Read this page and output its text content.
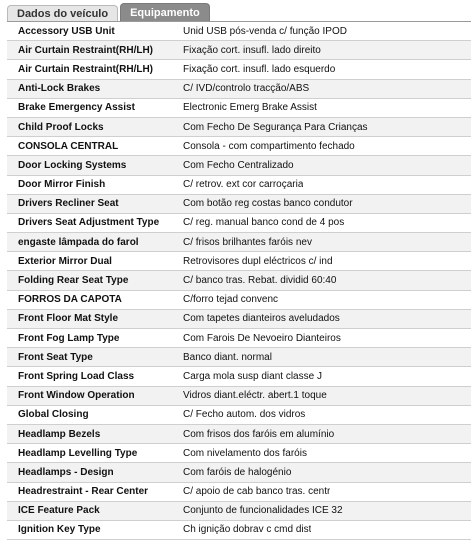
Dados do veículo	Equipamento
Accessory USB Unit	Unid USB pós-venda c/ função IPOD
Air Curtain Restraint(RH/LH)	Fixação cort. insufl. lado direito
Air Curtain Restraint(RH/LH)	Fixação cort. insufl. lado esquerdo
Anti-Lock Brakes	C/ IVD/controlo tracção/ABS
Brake Emergency Assist	Electronic Emerg Brake Assist
Child Proof Locks	Com Fecho De Segurança Para Crianças
CONSOLA CENTRAL	Consola - com compartimento fechado
Door Locking Systems	Com Fecho Centralizado
Door Mirror Finish	C/ retrov. ext cor carroçaria
Drivers Recliner Seat	Com botão reg costas banco condutor
Drivers Seat Adjustment Type	C/ reg. manual banco cond de 4 pos
engaste lâmpada do farol	C/ frisos brilhantes faróis nev
Exterior Mirror Dual	Retrovisores dupl eléctricos c/ ind
Folding Rear Seat Type	C/ banco tras. Rebat. dividid 60:40
FORROS DA CAPOTA	C/forro tejad convenc
Front Floor Mat Style	Com tapetes dianteiros aveludados
Front Fog Lamp Type	Com Farois De Nevoeiro Dianteiros
Front Seat Type	Banco diant. normal
Front Spring Load Class	Carga mola susp diant classe J
Front Window Operation	Vidros diant.eléctr. abert.1 toque
Global Closing	C/ Fecho autom. dos vidros
Headlamp Bezels	Com frisos dos faróis em alumínio
Headlamp Levelling Type	Com nivelamento dos faróis
Headlamps - Design	Com faróis de halogénio
Headrestraint - Rear Center	C/ apoio de cab banco tras. centr
ICE Feature Pack	Conjunto de funcionalidades ICE 32
Ignition Key Type	Ch ignição dobrav c cmd dist
